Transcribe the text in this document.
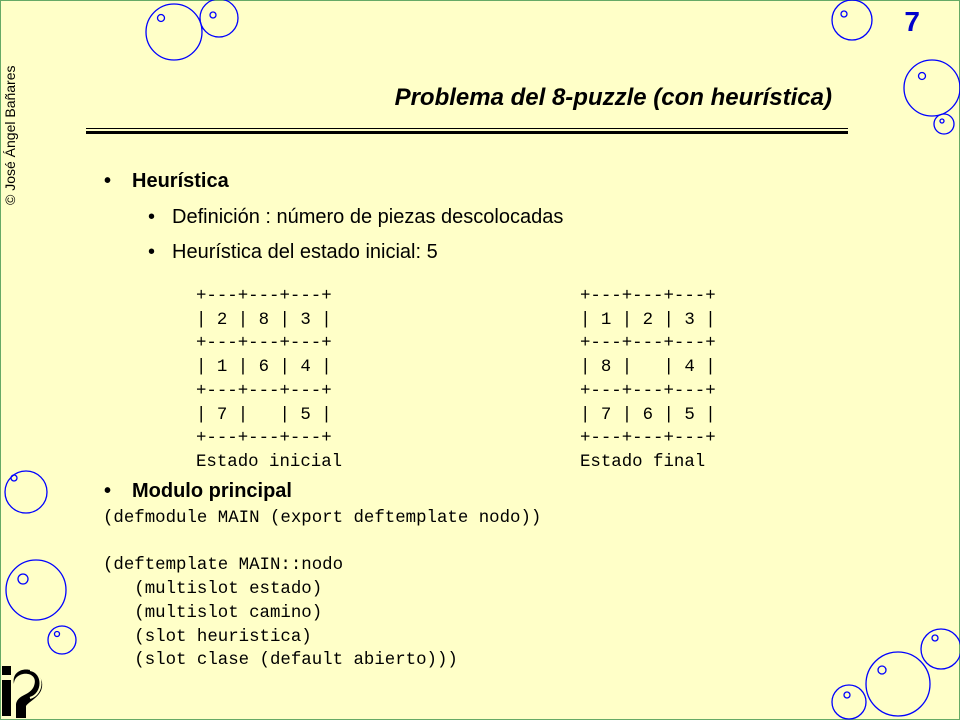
7
© José Ángel Bañares	Problema del 8-puzzle (con heurística)
• Heurística
• Definición : número de piezas descolocadas
• Heurística del estado inicial: 5
+---+---+---+
| 2 | 8 | 3 |
+---+---+---+
| 1 | 6 | 4 |
+---+---+---+
| 7 |   | 5 |
+---+---+---+
Estado inicial
+---+---+---+
| 1 | 2 | 3 |
+---+---+---+
| 8 |   | 4 |
+---+---+---+
| 7 | 6 | 5 |
+---+---+---+
Estado final
• Modulo principal
(defmodule MAIN (export deftemplate nodo))

(deftemplate MAIN::nodo
(multislot estado)
(multislot camino)
(slot heuristica)
(slot clase (default abierto)))
